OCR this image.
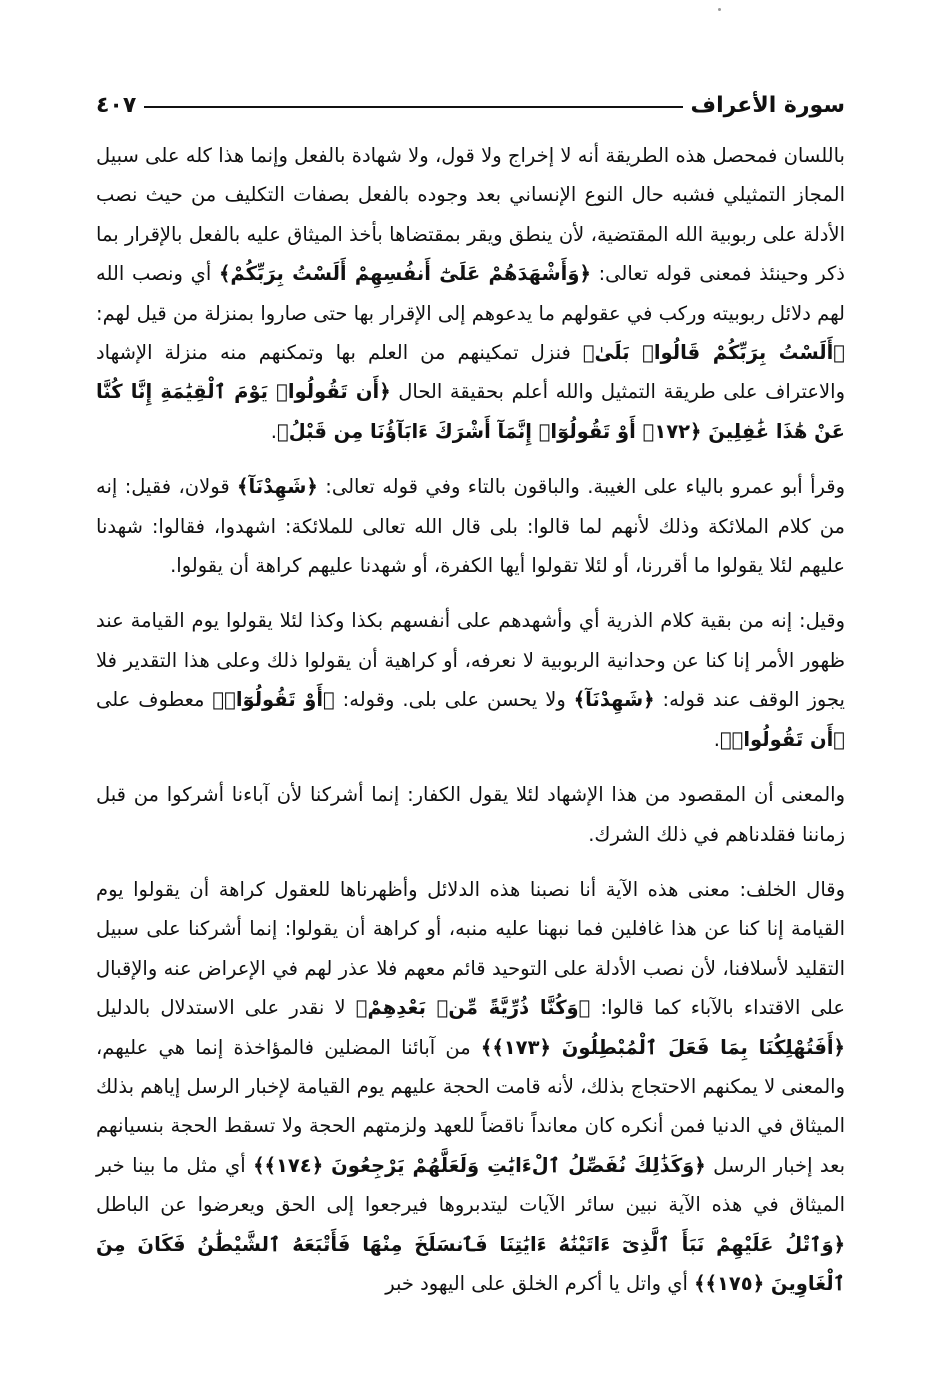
سورة الأعراف
٤٠٧

باللسان فمحصل هذه الطريقة أنه لا إخراج ولا قول، ولا شهادة بالفعل وإنما هذا كله على سبيل المجاز التمثيلي فشبه حال النوع الإنساني بعد وجوده بالفعل بصفات التكليف من حيث نصب الأدلة على ربوبية الله المقتضية، لأن ينطق ويقر بمقتضاها بأخذ الميثاق عليه بالفعل بالإقرار بما ذكر وحينئذ فمعنى قوله تعالى: ﴿وَأَشْهَدَهُمْ عَلَىٰٓ أَنفُسِهِمْ أَلَسْتُ بِرَبِّكُمْ﴾ أي ونصب الله لهم دلائل ربوبيته وركب في عقولهم ما يدعوهم إلى الإقرار بها حتى صاروا بمنزلة من قيل لهم: ﴿أَلَسْتُ بِرَبِّكُمْ قَالُوا۟ بَلَىٰ﴾ فنزل تمكينهم من العلم بها وتمكنهم منه منزلة الإشهاد والاعتراف على طريقة التمثيل والله أعلم بحقيقة الحال ﴿أَن تَقُولُوا۟ يَوْمَ ٱلْقِيَٰمَةِ إِنَّا كُنَّا عَنْ هَٰذَا غَٰفِلِينَ ﴿١٧٢﴾ أَوْ تَقُولُوٓا۟ إِنَّمَآ أَشْرَكَ ءَابَآؤُنَا مِن قَبْلُ﴾.

وقرأ أبو عمرو بالياء على الغيبة. والباقون بالتاء وفي قوله تعالى: ﴿شَهِدْنَآ﴾ قولان، فقيل: إنه من كلام الملائكة وذلك لأنهم لما قالوا: بلى قال الله تعالى للملائكة: اشهدوا، فقالوا: شهدنا عليهم لئلا يقولوا ما أقررنا، أو لئلا تقولوا أيها الكفرة، أو شهدنا عليهم كراهة أن يقولوا.

وقيل: إنه من بقية كلام الذرية أي وأشهدهم على أنفسهم بكذا وكذا لئلا يقولوا يوم القيامة عند ظهور الأمر إنا كنا عن وحدانية الربوبية لا نعرفه، أو كراهية أن يقولوا ذلك وعلى هذا التقدير فلا يجوز الوقف عند قوله: ﴿شَهِدْنَآ﴾ ولا يحسن على بلى. وقوله: ﴿أَوْ تَقُولُوٓا۟﴾ معطوف على ﴿أَن تَقُولُوا۟﴾.

والمعنى أن المقصود من هذا الإشهاد لئلا يقول الكفار: إنما أشركنا لأن آباءنا أشركوا من قبل زماننا فقلدناهم في ذلك الشرك.

وقال الخلف: معنى هذه الآية أنا نصبنا هذه الدلائل وأظهرناها للعقول كراهة أن يقولوا يوم القيامة إنا كنا عن هذا غافلين فما نبهنا عليه منبه، أو كراهة أن يقولوا: إنما أشركنا على سبيل التقليد لأسلافنا، لأن نصب الأدلة على التوحيد قائم معهم فلا عذر لهم في الإعراض عنه والإقبال على الاقتداء بالآباء كما قالوا: ﴿وَكُنَّا ذُرِّيَّةً مِّنۢ بَعْدِهِمْ﴾ لا نقدر على الاستدلال بالدليل ﴿أَفَتُهْلِكُنَا بِمَا فَعَلَ ٱلْمُبْطِلُونَ ﴿١٧٣﴾﴾ من آبائنا المضلين فالمؤاخذة إنما هي عليهم، والمعنى لا يمكنهم الاحتجاج بذلك، لأنه قامت الحجة عليهم يوم القيامة لإخبار الرسل إياهم بذلك الميثاق في الدنيا فمن أنكره كان معانداً ناقضاً للعهد ولزمتهم الحجة ولا تسقط الحجة بنسيانهم بعد إخبار الرسل ﴿وَكَذَٰلِكَ نُفَصِّلُ ٱلْءَايَٰتِ وَلَعَلَّهُمْ يَرْجِعُونَ ﴿١٧٤﴾﴾ أي مثل ما بينا خبر الميثاق في هذه الآية نبين سائر الآيات ليتدبروها فيرجعوا إلى الحق ويعرضوا عن الباطل ﴿وَٱتْلُ عَلَيْهِمْ نَبَأَ ٱلَّذِىٓ ءَاتَيْنَٰهُ ءَايَٰتِنَا فَٱنسَلَخَ مِنْهَا فَأَتْبَعَهُ ٱلشَّيْطَٰنُ فَكَانَ مِنَ ٱلْغَاوِينَ ﴿١٧٥﴾﴾ أي واتل يا أكرم الخلق على اليهود خبر
